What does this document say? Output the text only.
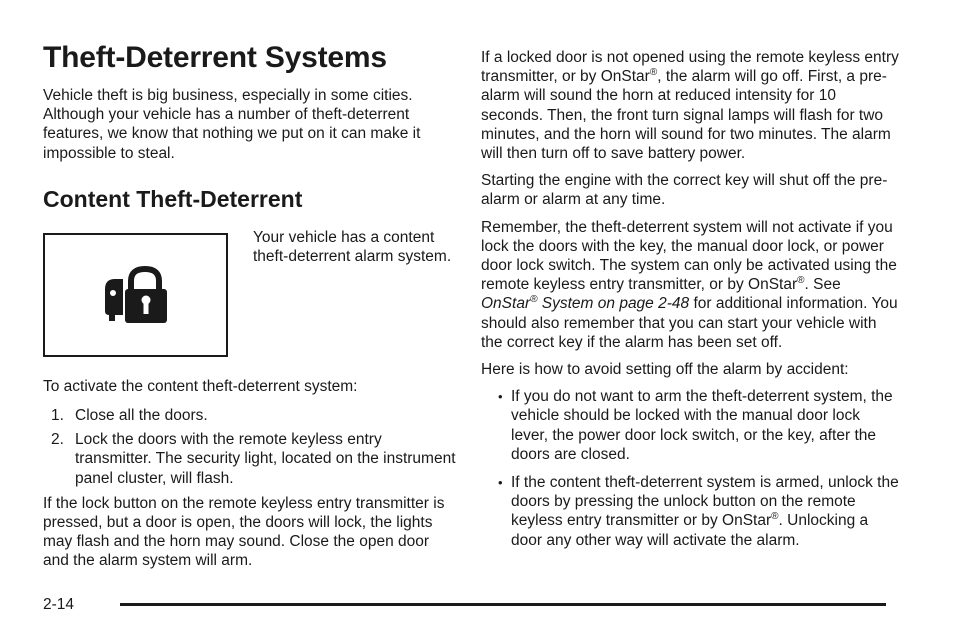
Theft-Deterrent Systems

Vehicle theft is big business, especially in some cities. Although your vehicle has a number of theft-deterrent features, we know that nothing we put on it can make it impossible to steal.

Content Theft-Deterrent

Your vehicle has a content theft-deterrent alarm system.

To activate the content theft-deterrent system:

1. Close all the doors.
2. Lock the doors with the remote keyless entry transmitter. The security light, located on the instrument panel cluster, will flash.

If the lock button on the remote keyless entry transmitter is pressed, but a door is open, the doors will lock, the lights may flash and the horn may sound. Close the open door and the alarm system will arm.

If a locked door is not opened using the remote keyless entry transmitter, or by OnStar®, the alarm will go off. First, a pre-alarm will sound the horn at reduced intensity for 10 seconds. Then, the front turn signal lamps will flash for two minutes, and the horn will sound for two minutes. The alarm will then turn off to save battery power.

Starting the engine with the correct key will shut off the pre-alarm or alarm at any time.

Remember, the theft-deterrent system will not activate if you lock the doors with the key, the manual door lock, or power door lock switch. The system can only be activated using the remote keyless entry transmitter, or by OnStar®. See OnStar® System on page 2-48 for additional information. You should also remember that you can start your vehicle with the correct key if the alarm has been set off.

Here is how to avoid setting off the alarm by accident:

• If you do not want to arm the theft-deterrent system, the vehicle should be locked with the manual door lock lever, the power door lock switch, or the key, after the doors are closed.
• If the content theft-deterrent system is armed, unlock the doors by pressing the unlock button on the remote keyless entry transmitter or by OnStar®. Unlocking a door any other way will activate the alarm.
2-14
